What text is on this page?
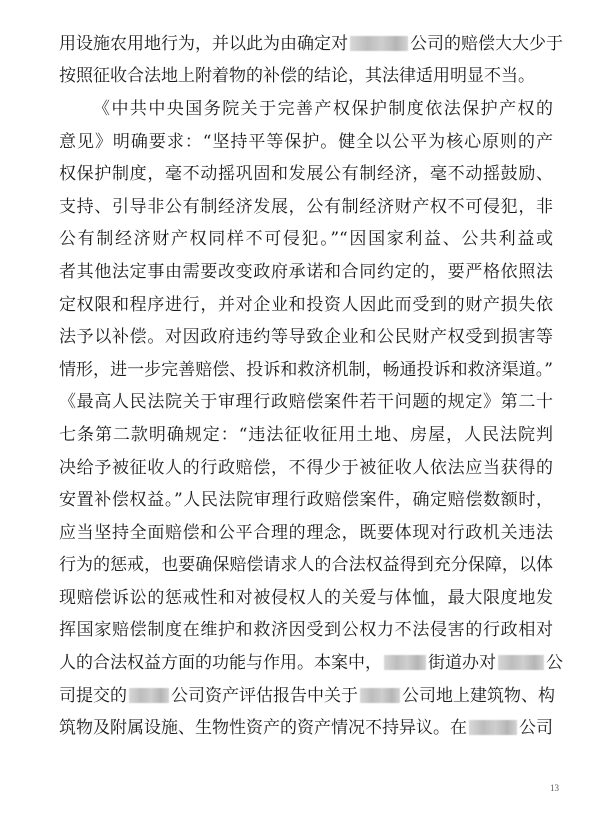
用设施农用地行为，并以此为由确定对	公司的赔偿大大少于
按照征收合法地上附着物的补偿的结论，其法律适用明显不当。
《中共中央国务院关于完善产权保护制度依法保护产权的
意见》明确要求：“坚持平等保护。健全以公平为核心原则的产
权保护制度，毫不动摇巩固和发展公有制经济，毫不动摇鼓励、
支持、引导非公有制经济发展，公有制经济财产权不可侵犯，非
公有制经济财产权同样不可侵犯。”“因国家利益、公共利益或
者其他法定事由需要改变政府承诺和合同约定的，要严格依照法
定权限和程序进行，并对企业和投资人因此而受到的财产损失依
法予以补偿。对因政府违约等导致企业和公民财产权受到损害等
情形，进一步完善赔偿、投诉和救济机制，畅通投诉和救济渠道。”
《最高人民法院关于审理行政赔偿案件若干问题的规定》第二十
七条第二款明确规定：“违法征收征用土地、房屋，人民法院判
决给予被征收人的行政赔偿，不得少于被征收人依法应当获得的
安置补偿权益。”人民法院审理行政赔偿案件，确定赔偿数额时，
应当坚持全面赔偿和公平合理的理念，既要体现对行政机关违法
行为的惩戒，也要确保赔偿请求人的合法权益得到充分保障，以体
现赔偿诉讼的惩戒性和对被侵权人的关爱与体恤，最大限度地发
挥国家赔偿制度在维护和救济因受到公权力不法侵害的行政相对
人的合法权益方面的功能与作用。本案中，	街道办对	公
司提交的	公司资产评估报告中关于	公司地上建筑物、构
筑物及附属设施、生物性资产的资产情况不持异议。在	公司
13
